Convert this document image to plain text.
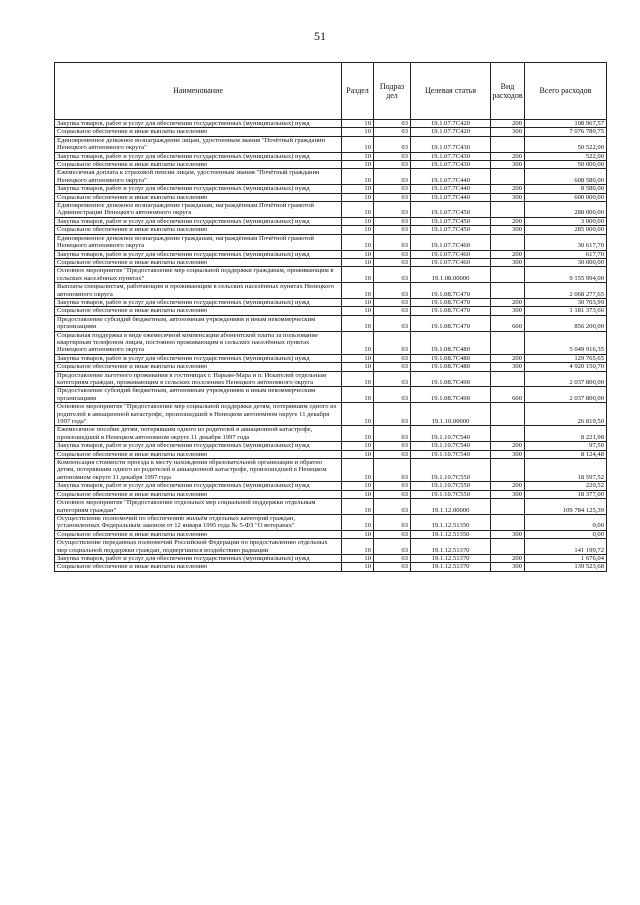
51
Наименование	Раздел	Подраз дел	Целевая статья	Вид расходов	Всего расходов
Закупка товаров, работ и услуг для обеспечения государственных (муниципальных) нужд	10	03	19.1.07.7С420	200	108 967,57
Социальное обеспечение и иные выплаты населению	10	03	19.1.07.7С420	300	7 076 789,75
Единовременное денежное вознаграждение лицам, удостоенным звания "Почётный гражданин Ненецкого автономного округа"	10	03	19.1.07.7С430		50 522,00
Закупка товаров, работ и услуг для обеспечения государственных (муниципальных) нужд	10	03	19.1.07.7С430	200	522,00
Социальное обеспечение и иные выплаты населению	10	03	19.1.07.7С430	300	50 000,00
Ежемесячная доплата к страховой пенсии лицам, удостоенным звания "Почётный гражданин Ненецкого автономного округа"	10	03	19.1.07.7С440		608 580,00
Закупка товаров, работ и услуг для обеспечения государственных (муниципальных) нужд	10	03	19.1.07.7С440	200	8 580,00
Социальное обеспечение и иные выплаты населению	10	03	19.1.07.7С440	300	600 000,00
Единовременное денежное вознаграждение гражданам, награждённым Почётной грамотой Администрации Ненецкого автономного округа	10	03	19.1.07.7С450		288 000,00
Закупка товаров, работ и услуг для обеспечения государственных (муниципальных) нужд	10	03	19.1.07.7С450	200	3 000,00
Социальное обеспечение и иные выплаты населению	10	03	19.1.07.7С450	300	285 000,00
Единовременное денежное вознаграждение гражданам, награждённым Почётной грамотой Ненецкого автономного округа	10	03	19.1.07.7С460		30 617,70
Закупка товаров, работ и услуг для обеспечения государственных (муниципальных) нужд	10	03	19.1.07.7С460	200	617,70
Социальное обеспечение и иные выплаты населению	10	03	19.1.07.7С460	300	30 000,00
Основное мероприятие "Предоставление мер социальной поддержки гражданам, проживающим в сельских населённых пунктах"	10	03	19.1.08.00000		9 155 994,00
Выплаты специалистам, работающим и проживающим в сельских населённых пунктах Ненецкого автономного округа	10	03	19.1.08.7С470		2 068 277,65
Закупка товаров, работ и услуг для обеспечения государственных (муниципальных) нужд	10	03	19.1.08.7С470	200	30 703,99
Социальное обеспечение и иные выплаты населению	10	03	19.1.08.7С470	300	1 181 373,66
Предоставление субсидий бюджетным, автономным учреждениям и иным некоммерческим организациям	10	03	19.1.08.7С470	600	856 200,00
Социальная поддержка в виде ежемесячной компенсации абонентской платы за пользование квартирным телефоном лицам, постоянно проживающим в сельских населённых пунктах Ненецкого автономного округа	10	03	19.1.08.7С480		5 049 916,35
Закупка товаров, работ и услуг для обеспечения государственных (муниципальных) нужд	10	03	19.1.08.7С480	200	129 765,65
Социальное обеспечение и иные выплаты населению	10	03	19.1.08.7С480	300	4 920 150,70
Предоставление льготного проживания в гостиницах г. Нарьян-Мара и п. Искателей отдельным категориям граждан, проживающим в сельских поселениях Ненецкого автономного округа	10	03	19.1.08.7С490		2 037 800,00
Предоставление субсидий бюджетным, автономным учреждениям и иным некоммерческим организациям	10	03	19.1.08.7С490	600	2 037 800,00
Основное мероприятие "Предоставление мер социальной поддержки детям, потерявшим одного из родителей в авиационной катастрофе, произошедшей в Ненецком автономном округе 11 декабря 1997 года"	10	03	19.1.10.00000		26 819,50
Ежемесячное пособие детям, потерявшим одного из родителей в авиационной катастрофе, произошедшей в Ненецком автономном округе 11 декабря 1997 года	10	03	19.1.10.7С540		8 221,98
Закупка товаров, работ и услуг для обеспечения государственных (муниципальных) нужд	10	03	19.1.10.7С540	200	97,50
Социальное обеспечение и иные выплаты населению	10	03	19.1.10.7С540	300	8 124,48
Компенсация стоимости проезда к месту нахождения образовательной организации и обратно детям, потерявшим одного из родителей в авиационной катастрофе, произошедшей в Ненецком автономном округе 11 декабря 1997 года	10	03	19.1.10.7С550		18 597,52
Закупка товаров, работ и услуг для обеспечения государственных (муниципальных) нужд	10	03	19.1.10.7С550	200	220,52
Социальное обеспечение и иные выплаты населению	10	03	19.1.10.7С550	300	18 377,00
Основное мероприятие "Предоставление отдельных мер социальной поддержки отдельным категориям граждан"	10	03	19.1.12.00000		109 784 125,39
Осуществление полномочий по обеспечению жильём отдельных категорий граждан, установленных Федеральным законом от 12 января 1995 года № 5-ФЗ "О ветеранах"	10	03	19.1.12.51350		0,00
Социальное обеспечение и иные выплаты населению	10	03	19.1.12.51350	300	0,00
Осуществление переданных полномочий Российской Федерации по предоставлению отдельных мер социальной поддержки граждан, подвергшихся воздействию радиации	10	03	19.1.12.51370		141 199,72
Закупка товаров, работ и услуг для обеспечения государственных (муниципальных) нужд	10	03	19.1.12.51370	200	1 676,04
Социальное обеспечение и иные выплаты населению	10	03	19.1.12.51370	300	139 523,68
